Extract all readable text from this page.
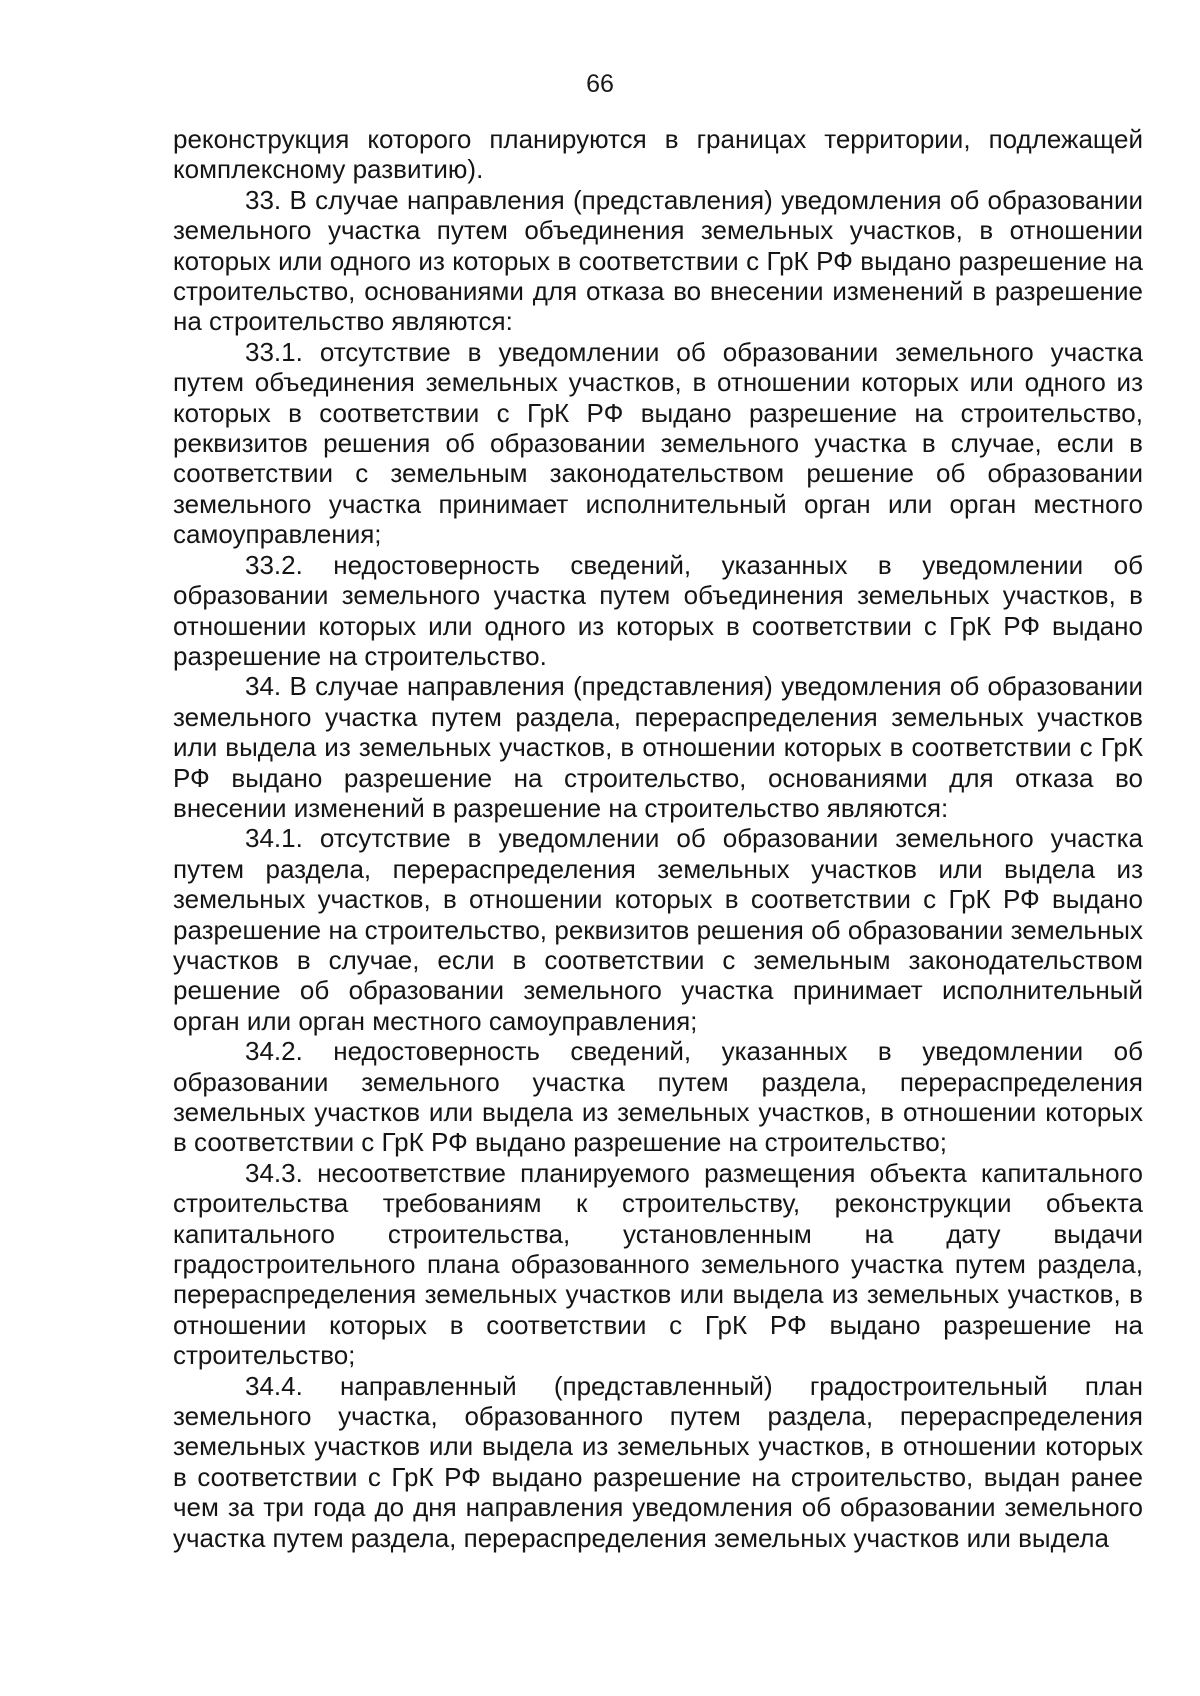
66

реконструкция которого планируются в границах территории, подлежащей комплексному развитию).

33. В случае направления (представления) уведомления об образовании земельного участка путем объединения земельных участков, в отношении которых или одного из которых в соответствии с ГрК РФ выдано разрешение на строительство, основаниями для отказа во внесении изменений в разрешение на строительство являются:

33.1. отсутствие в уведомлении об образовании земельного участка путем объединения земельных участков, в отношении которых или одного из которых в соответствии с ГрК РФ выдано разрешение на строительство, реквизитов решения об образовании земельного участка в случае, если в соответствии с земельным законодательством решение об образовании земельного участка принимает исполнительный орган или орган местного самоуправления;

33.2. недостоверность сведений, указанных в уведомлении об образовании земельного участка путем объединения земельных участков, в отношении которых или одного из которых в соответствии с ГрК РФ выдано разрешение на строительство.

34. В случае направления (представления) уведомления об образовании земельного участка путем раздела, перераспределения земельных участков или выдела из земельных участков, в отношении которых в соответствии с ГрК РФ выдано разрешение на строительство, основаниями для отказа во внесении изменений в разрешение на строительство являются:

34.1. отсутствие в уведомлении об образовании земельного участка путем раздела, перераспределения земельных участков или выдела из земельных участков, в отношении которых в соответствии с ГрК РФ выдано разрешение на строительство, реквизитов решения об образовании земельных участков в случае, если в соответствии с земельным законодательством решение об образовании земельного участка принимает исполнительный орган или орган местного самоуправления;

34.2. недостоверность сведений, указанных в уведомлении об образовании земельного участка путем раздела, перераспределения земельных участков или выдела из земельных участков, в отношении которых в соответствии с ГрК РФ выдано разрешение на строительство;

34.3. несоответствие планируемого размещения объекта капитального строительства требованиям к строительству, реконструкции объекта капитального строительства, установленным на дату выдачи градостроительного плана образованного земельного участка путем раздела, перераспределения земельных участков или выдела из земельных участков, в отношении которых в соответствии с ГрК РФ выдано разрешение на строительство;

34.4. направленный (представленный) градостроительный план земельного участка, образованного путем раздела, перераспределения земельных участков или выдела из земельных участков, в отношении которых в соответствии с ГрК РФ выдано разрешение на строительство, выдан ранее чем за три года до дня направления уведомления об образовании земельного участка путем раздела, перераспределения земельных участков или выдела
